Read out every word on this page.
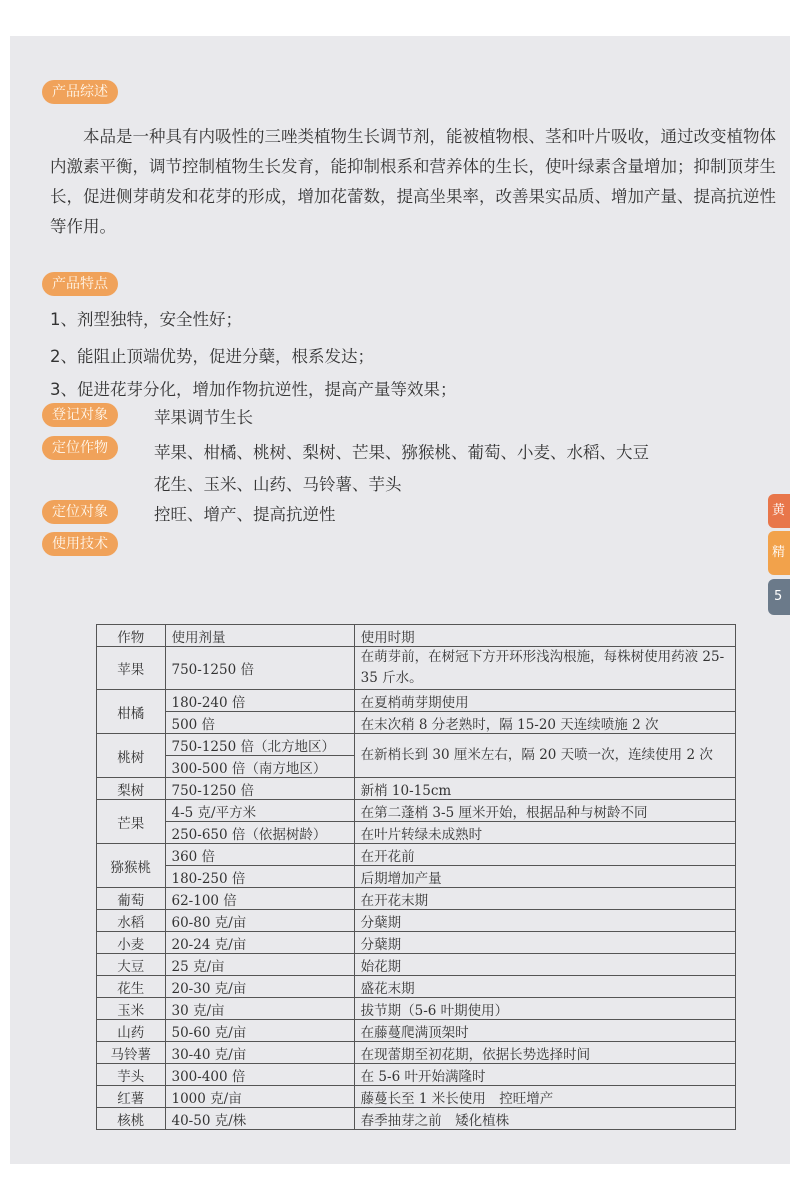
产品综述
本品是一种具有内吸性的三唑类植物生长调节剂，能被植物根、茎和叶片吸收，通过改变植物体内激素平衡，调节控制植物生长发育，能抑制根系和营养体的生长，使叶绿素含量增加；抑制顶芽生长，促进侧芽萌发和花芽的形成，增加花蕾数，提高坐果率，改善果实品质、增加产量、提高抗逆性等作用。
产品特点
1、剂型独特，安全性好；
2、能阻止顶端优势，促进分蘖，根系发达；
3、促进花芽分化，增加作物抗逆性，提高产量等效果；
登记对象	苹果调节生长
定位作物	苹果、柑橘、桃树、梨树、芒果、猕猴桃、葡萄、小麦、水稻、大豆
花生、玉米、山药、马铃薯、芋头
定位对象	控旺、增产、提高抗逆性
使用技术
黄
精
5
作物	使用剂量	使用时期
苹果	750-1250 倍	在萌芽前，在树冠下方开环形浅沟根施，每株树使用药液 25-35 斤水。
柑橘	180-240 倍	在夏梢萌芽期使用
	500 倍	在末次稍 8 分老熟时，隔 15-20 天连续喷施 2 次
桃树	750-1250 倍（北方地区）	在新梢长到 30 厘米左右，隔 20 天喷一次，连续使用 2 次
	300-500 倍（南方地区）	
梨树	750-1250 倍	新梢 10-15cm
芒果	4-5 克/平方米	在第二蓬梢 3-5 厘米开始，根据品种与树龄不同
	250-650 倍（依据树龄）	在叶片转绿未成熟时
猕猴桃	360 倍	在开花前
	180-250 倍	后期增加产量
葡萄	62-100 倍	在开花末期
水稻	60-80 克/亩	分蘖期
小麦	20-24 克/亩	分蘖期
大豆	25 克/亩	始花期
花生	20-30 克/亩	盛花末期
玉米	30 克/亩	拔节期（5-6 叶期使用）
山药	50-60 克/亩	在藤蔓爬满顶架时
马铃薯	30-40 克/亩	在现蕾期至初花期，依据长势选择时间
芋头	300-400 倍	在 5-6 叶开始满隆时
红薯	1000 克/亩	藤蔓长至 1 米长使用　控旺增产
核桃	40-50 克/株	春季抽芽之前　矮化植株
